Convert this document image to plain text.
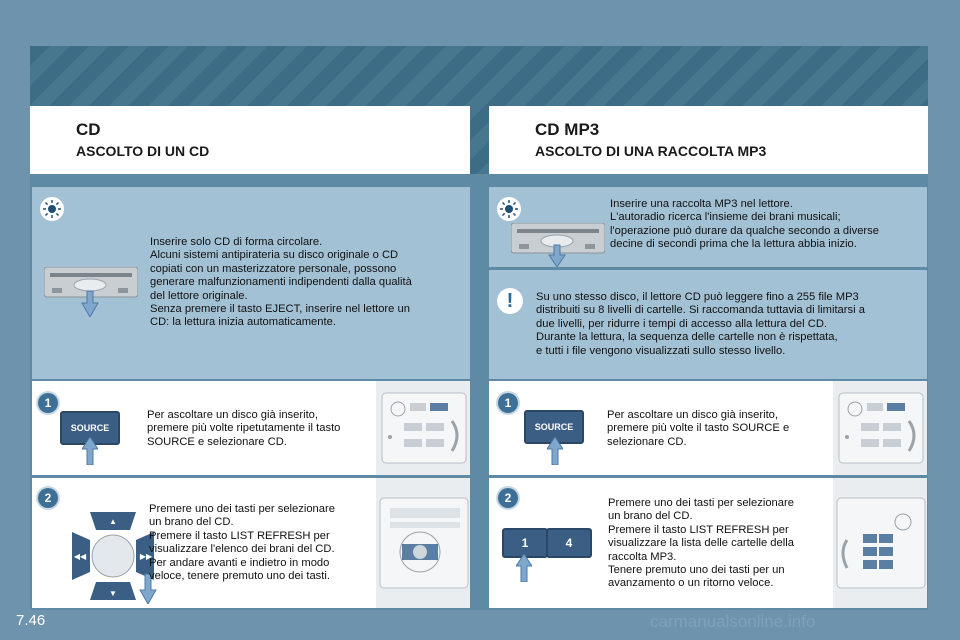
CD
ASCOLTO DI UN CD
CD MP3
ASCOLTO DI UNA RACCOLTA MP3
Inserire solo CD di forma circolare.
Alcuni sistemi antipirateria su disco originale o CD
copiati con un masterizzatore personale, possono
generare malfunzionamenti indipendenti dalla qualità
del lettore originale.
Senza premere il tasto EJECT, inserire nel lettore un
CD: la lettura inizia automaticamente.
1
SOURCE
Per ascoltare un disco già inserito,
premere più volte ripetutamente il tasto
SOURCE e selezionare CD.
2
▲
▼
◀◀	▶▶
Premere uno dei tasti per selezionare
un brano del CD.
Premere il tasto LIST REFRESH per
visualizzare l'elenco dei brani del CD.
Per andare avanti e indietro in modo
veloce, tenere premuto uno dei tasti.
Inserire una raccolta MP3 nel lettore.
L'autoradio ricerca l'insieme dei brani musicali;
l'operazione può durare da qualche secondo a diverse
decine di secondi prima che la lettura abbia inizio.
!	Su uno stesso disco, il lettore CD può leggere fino a 255 file MP3
distribuiti su 8 livelli di cartelle. Si raccomanda tuttavia di limitarsi a
due livelli, per ridurre i tempi di accesso alla lettura del CD.
Durante la lettura, la sequenza delle cartelle non è rispettata,
e tutti i file vengono visualizzati sullo stesso livello.
1
SOURCE
Per ascoltare un disco già inserito,
premere più volte il tasto SOURCE e
selezionare CD.
2
1	4
Premere uno dei tasti per selezionare
un brano del CD.
Premere il tasto LIST REFRESH per
visualizzare la lista delle cartelle della
raccolta MP3.
Tenere premuto uno dei tasti per un
avanzamento o un ritorno veloce.
7.46	carmanualsonline.info
